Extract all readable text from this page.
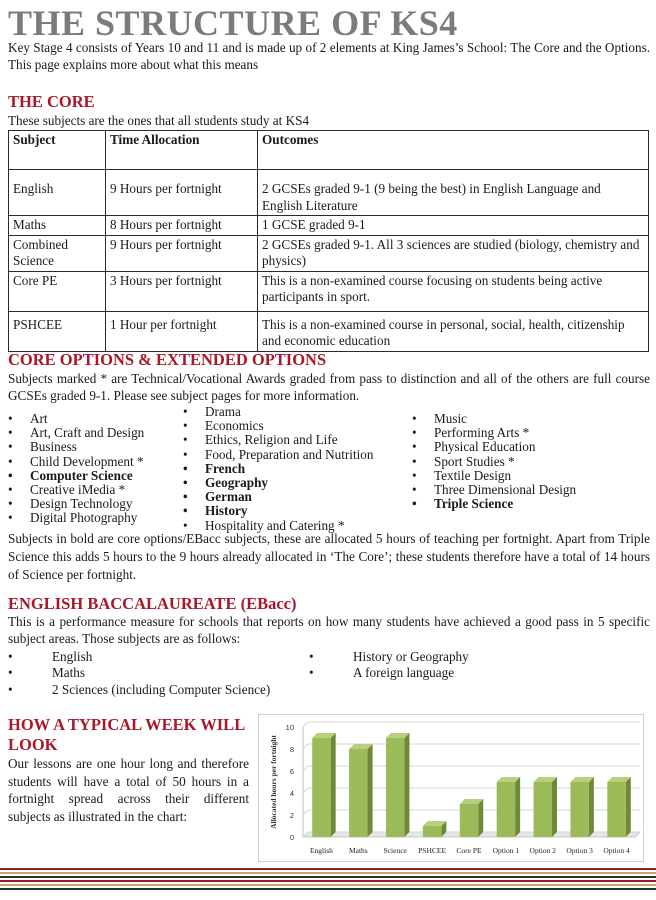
THE STRUCTURE OF KS4
Key Stage 4 consists of Years 10 and 11 and is made up of 2 elements at King James’s School: The Core and the Options. This page explains more about what this means
THE CORE
These subjects are the ones that all students study at KS4
Subject	Time Allocation	Outcomes
English	9 Hours per fortnight	2 GCSEs graded 9-1 (9 being the best) in English Language and English Literature
Maths	8 Hours per fortnight	1 GCSE graded 9-1
Combined Science	9 Hours per fortnight	2 GCSEs graded 9-1. All 3 sciences are studied (biology, chemistry and physics)
Core PE	3 Hours per fortnight	This is a non-examined course focusing on students being active participants in sport.
PSHCEE	1 Hour per fortnight	This is a non-examined course in personal, social, health, citizenship and economic education
CORE OPTIONS & EXTENDED OPTIONS
Subjects marked * are Technical/Vocational Awards graded from pass to distinction and all of the others are full course GCSEs graded 9-1. Please see subject pages for more information.
• Art
• Art, Craft and Design
• Business
• Child Development *
• Computer Science
• Creative iMedia *
• Design Technology
• Digital Photography
• Drama
• Economics
• Ethics, Religion and Life
• Food, Preparation and Nutrition
• French
• Geography
• German
• History
• Hospitality and Catering *
• Music
• Performing Arts *
• Physical Education
• Sport Studies *
• Textile Design
• Three Dimensional Design
• Triple Science
Subjects in bold are core options/EBacc subjects, these are allocated 5 hours of teaching per fortnight. Apart from Triple Science this adds 5 hours to the 9 hours already allocated in ‘The Core’; these students therefore have a total of 14 hours of Science per fortnight.
ENGLISH BACCALAUREATE (EBacc)
This is a performance measure for schools that reports on how many students have achieved a good pass in 5 specific subject areas. Those subjects are as follows:
• English
• Maths
• 2 Sciences (including Computer Science)
• History or Geography
• A foreign language
HOW A TYPICAL WEEK WILL LOOK
Our lessons are one hour long and therefore students will have a total of 50 hours in a fortnight spread across their different subjects as illustrated in the chart:
0
2
4
6
8
10
Allocated hours per fortnight
English Maths Science PSHCEE Core PE Option 1 Option 2 Option 3 Option 4
